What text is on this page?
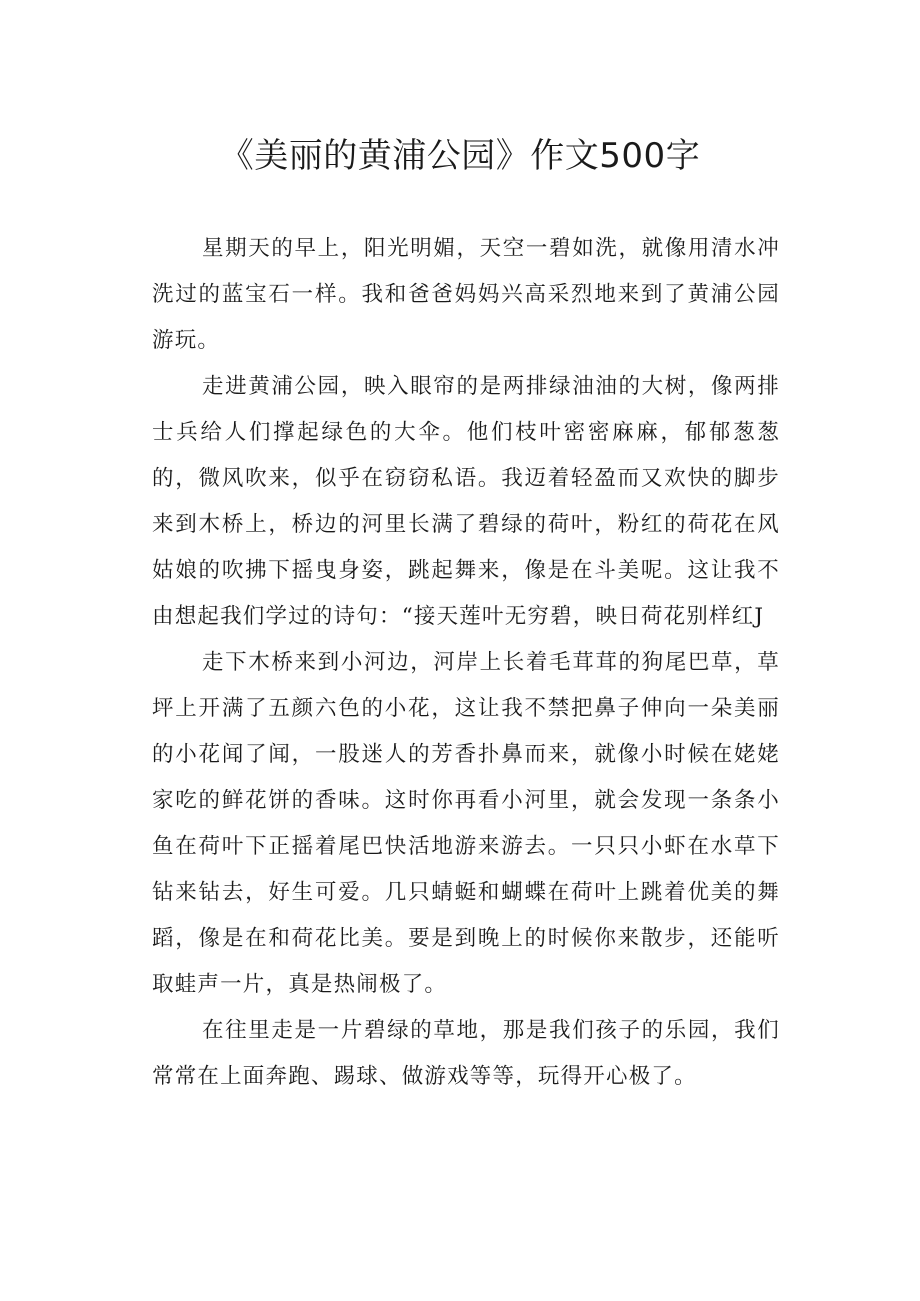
《美丽的黄浦公园》作文500字

星期天的早上，阳光明媚，天空一碧如洗，就像用清水冲洗过的蓝宝石一样。我和爸爸妈妈兴高采烈地来到了黄浦公园游玩。

走进黄浦公园，映入眼帘的是两排绿油油的大树，像两排士兵给人们撑起绿色的大伞。他们枝叶密密麻麻，郁郁葱葱的，微风吹来，似乎在窃窃私语。我迈着轻盈而又欢快的脚步来到木桥上，桥边的河里长满了碧绿的荷叶，粉红的荷花在风姑娘的吹拂下摇曳身姿，跳起舞来，像是在斗美呢。这让我不由想起我们学过的诗句：“接天莲叶无穷碧，映日荷花别样红J

走下木桥来到小河边，河岸上长着毛茸茸的狗尾巴草，草坪上开满了五颜六色的小花，这让我不禁把鼻子伸向一朵美丽的小花闻了闻，一股迷人的芳香扑鼻而来，就像小时候在姥姥家吃的鲜花饼的香味。这时你再看小河里，就会发现一条条小鱼在荷叶下正摇着尾巴快活地游来游去。一只只小虾在水草下钻来钻去，好生可爱。几只蜻蜓和蝴蝶在荷叶上跳着优美的舞蹈，像是在和荷花比美。要是到晚上的时候你来散步，还能听取蛙声一片，真是热闹极了。

在往里走是一片碧绿的草地，那是我们孩子的乐园，我们常常在上面奔跑、踢球、做游戏等等，玩得开心极了。
